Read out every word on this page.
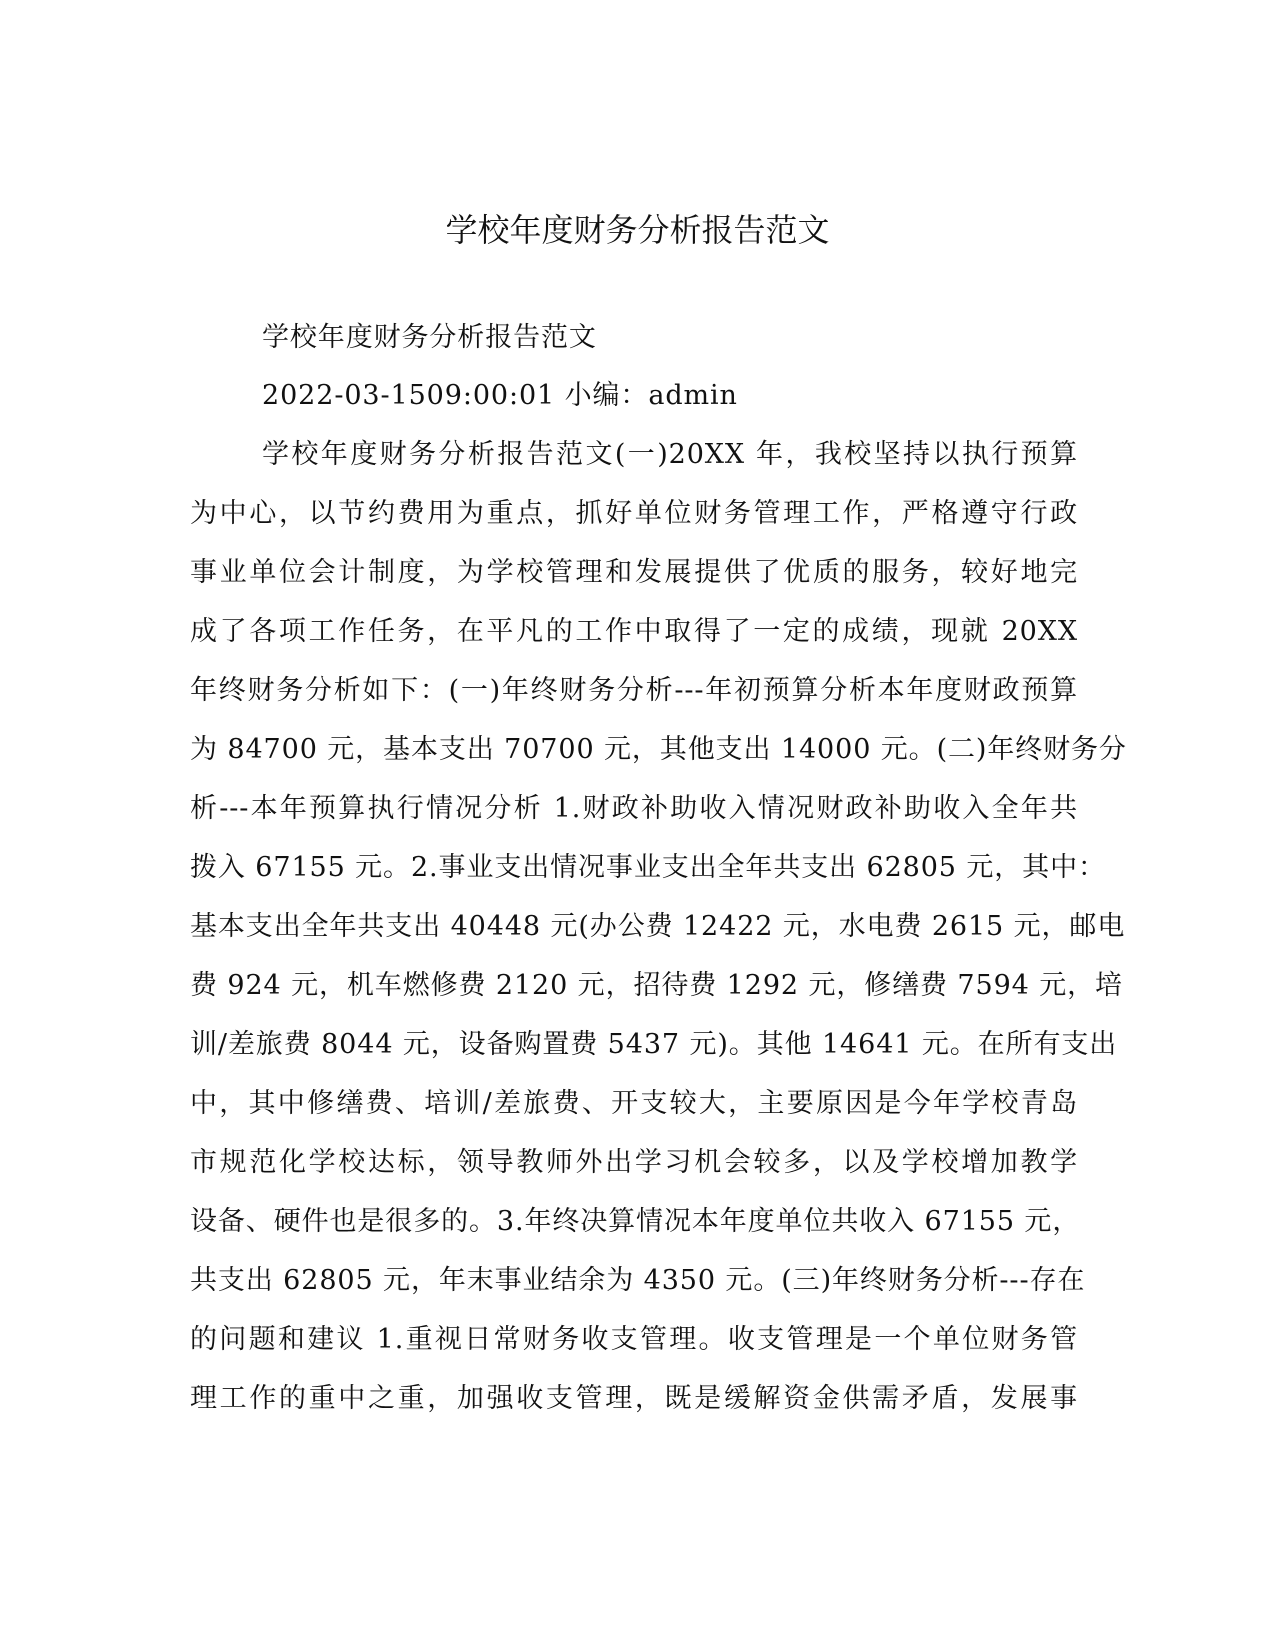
学校年度财务分析报告范文
学校年度财务分析报告范文
2022-03-1509:00:01 小编：admin
学校年度财务分析报告范文(一)20XX 年，我校坚持以执行预算
为中心，以节约费用为重点，抓好单位财务管理工作，严格遵守行政
事业单位会计制度，为学校管理和发展提供了优质的服务，较好地完
成了各项工作任务，在平凡的工作中取得了一定的成绩，现就 20XX
年终财务分析如下：(一)年终财务分析---年初预算分析本年度财政预算
为 84700 元，基本支出 70700 元，其他支出 14000 元。(二)年终财务分
析---本年预算执行情况分析 1.财政补助收入情况财政补助收入全年共
拨入 67155 元。2.事业支出情况事业支出全年共支出 62805 元，其中：
基本支出全年共支出 40448 元(办公费 12422 元，水电费 2615 元，邮电
费 924 元，机车燃修费 2120 元，招待费 1292 元，修缮费 7594 元，培
训/差旅费 8044 元，设备购置费 5437 元)。其他 14641 元。在所有支出
中，其中修缮费、培训/差旅费、开支较大，主要原因是今年学校青岛
市规范化学校达标，领导教师外出学习机会较多，以及学校增加教学
设备、硬件也是很多的。3.年终决算情况本年度单位共收入 67155 元，
共支出 62805 元，年末事业结余为 4350 元。(三)年终财务分析---存在
的问题和建议 1.重视日常财务收支管理。收支管理是一个单位财务管
理工作的重中之重，加强收支管理，既是缓解资金供需矛盾，发展事
